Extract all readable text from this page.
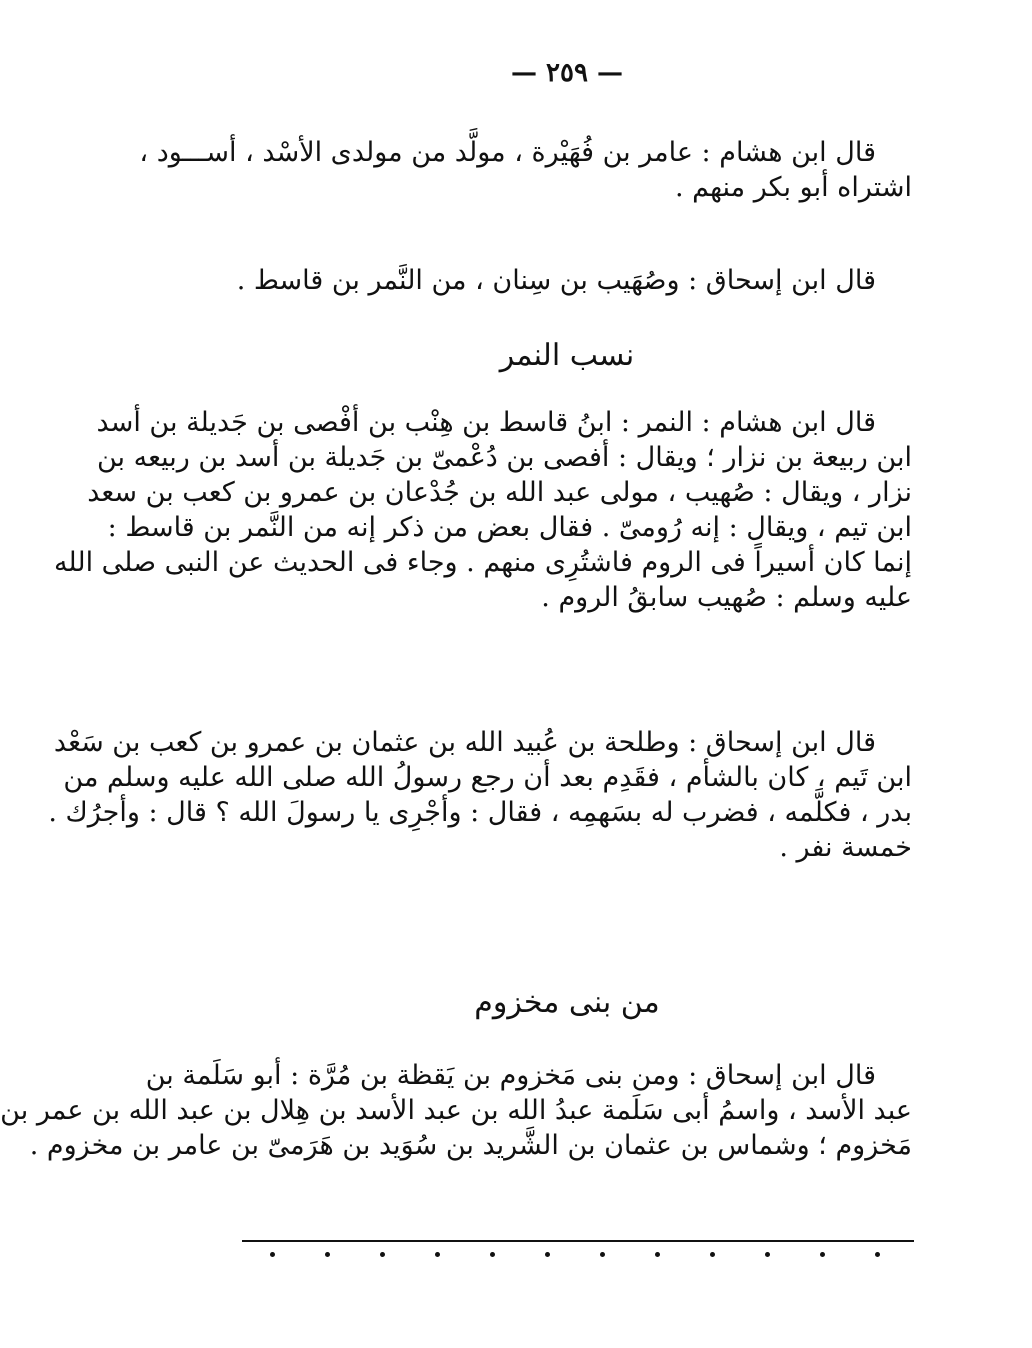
— ٢٥٩ —
قال ابن هشام : عامر بن فُهَيْرة ، مولَّد من مولدى الأسْد ، أســـود ،
اشتراه أبو بكر منهم .
قال ابن إسحاق : وصُهَيب بن سِنان ، من النَّمر بن قاسط .
نسب النمر
قال ابن هشام : النمر : ابنُ قاسط بن هِنْب بن أفْصى بن جَديلة بن أسد
ابن ربيعة بن نزار ؛ ويقال : أفصى بن دُعْمىّ بن جَديلة بن أسد بن ربيعه بن
نزار ، ويقال : صُهيب ، مولى عبد الله بن جُدْعان بن عمرو بن كعب بن سعد
ابن تيم ، ويقال : إنه رُومىّ . فقال بعض من ذكر إنه من النَّمر بن قاسط :
إنما كان أسيراً فى الروم فاشتُرِى منهم . وجاء فى الحديث عن النبى صلى الله
عليه وسلم : صُهيب سابقُ الروم .
قال ابن إسحاق : وطلحة بن عُبيد الله بن عثمان بن عمرو بن كعب بن سَعْد
ابن تَيم ، كان بالشأم ، فقَدِم بعد أن رجع رسولُ الله صلى الله عليه وسلم من
بدر ، فكلَّمه ، فضرب له بسَهمِه ، فقال : وأجْرِى يا رسولَ الله ؟ قال : وأجرُك .
خمسة نفر .
من بنى مخزوم
قال ابن إسحاق : ومن بنى مَخزوم بن يَقظة بن مُرَّة : أبو سَلَمة بن
عبد الأسد ، واسمُ أبى سَلَمة عبدُ الله بن عبد الأسد بن هِلال بن عبد الله بن عمر بن
مَخزوم ؛ وشماس بن عثمان بن الشَّريد بن سُوَيد بن هَرَمىّ بن عامر بن مخزوم .
